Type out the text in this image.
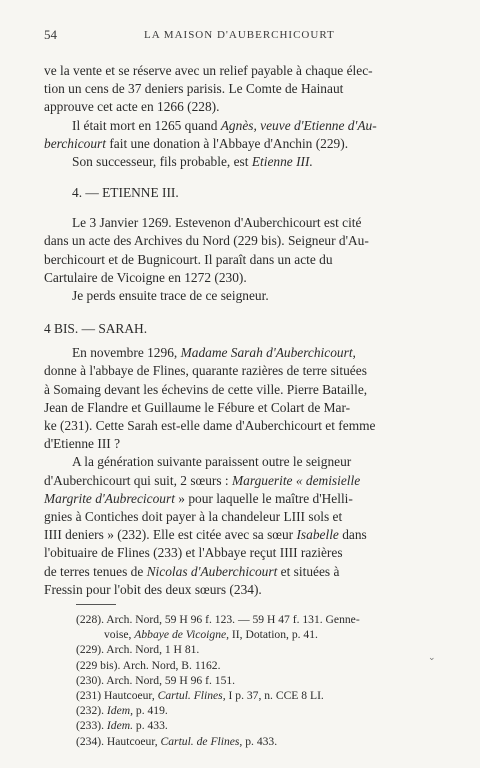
54	LA MAISON D'AUBERCHICOURT

ve la vente et se réserve avec un relief payable à chaque élec-

tion un cens de 37 deniers parisis. Le Comte de Hainaut

approuve cet acte en 1266 (228).

Il était mort en 1265 quand Agnès, veuve d'Etienne d'Au-
berchicourt fait une donation à l'Abbaye d'Anchin (229).

Son successeur, fils probable, est Etienne III.

4. — ETIENNE III.

Le 3 Janvier 1269. Estevenon d'Auberchicourt est cité

dans un acte des Archives du Nord (229 bis). Seigneur d'Au-

berchicourt et de Bugnicourt. Il paraît dans un acte du

Cartulaire de Vicoigne en 1272 (230).

Je perds ensuite trace de ce seigneur.

4 BIS. — SARAH.

En novembre 1296, Madame Sarah d'Auberchicourt,

donne à l'abbaye de Flines, quarante razières de terre situées

à Somaing devant les échevins de cette ville. Pierre Bataille,

Jean de Flandre et Guillaume le Fébure et Colart de Mar-

ke (231). Cette Sarah est-elle dame d'Auberchicourt et femme

d'Etienne III ?

A la génération suivante paraissent outre le seigneur

d'Auberchicourt qui suit, 2 sœurs : Marguerite « demisielle

Margrite d'Aubrecicourt » pour laquelle le maître d'Helli-

gnies à Contiches doit payer à la chandeleur LIII sols et

IIII deniers » (232). Elle est citée avec sa sœur Isabelle dans

l'obituaire de Flines (233) et l'Abbaye reçut IIII razières

de terres tenues de Nicolas d'Auberchicourt et situées à

Fressin pour l'obit des deux sœurs (234).

(228). Arch. Nord, 59 H 96 f. 123. — 59 H 47 f. 131. Genne-

voise, Abbaye de Vicoigne, II, Dotation, p. 41.

(229). Arch. Nord, 1 H 81.

(229 bis). Arch. Nord, B. 1162.

(230). Arch. Nord, 59 H 96 f. 151.

(231) Hautcoeur, Cartul. Flines, I p. 37, n. CCE 8 LI.

(232). Idem, p. 419.

(233). Idem. p. 433.

(234). Hautcoeur, Cartul. de Flines, p. 433.

⌄
